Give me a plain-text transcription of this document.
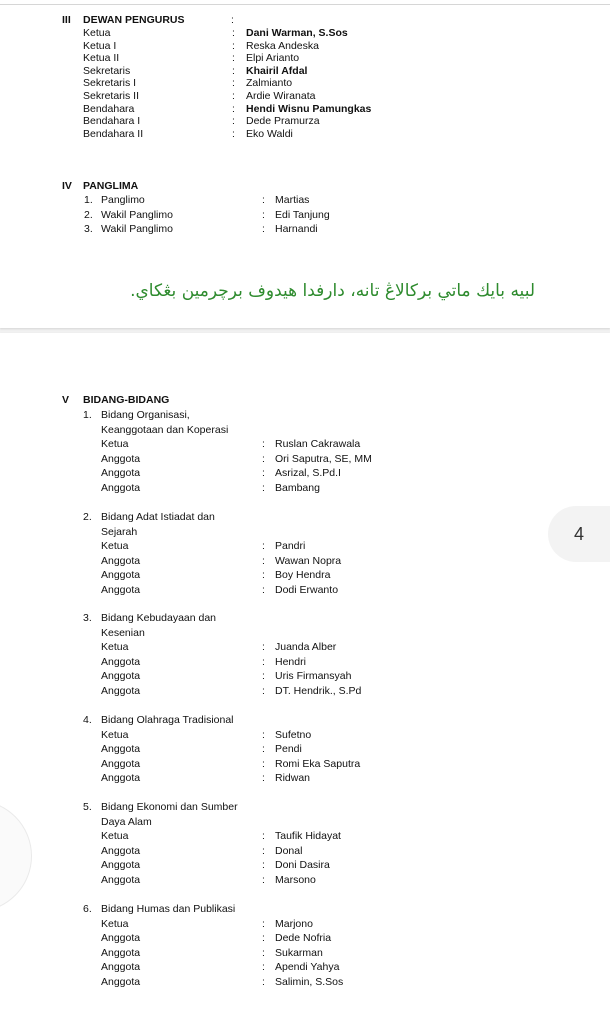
III DEWAN PENGURUS	:
Ketua	: Dani Warman, S.Sos
Ketua I	: Reska Andeska
Ketua II	: Elpi Arianto
Sekretaris	: Khairil Afdal
Sekretaris I	: Zalmianto
Sekretaris II	: Ardie Wiranata
Bendahara	: Hendi Wisnu Pamungkas
Bendahara I	: Dede Pramurza
Bendahara II	: Eko Waldi
IV PANGLIMA
1. Panglimo	: Martias
2. Wakil Panglimo	: Edi Tanjung
3. Wakil Panglimo	: Harnandi
لبيه بايك ماتي برکالاڠ تانه، دارفدا هيدوف برچرمين بڠکاي.
V BIDANG-BIDANG
1. Bidang Organisasi,
Keanggotaan dan Koperasi
Ketua	: Ruslan Cakrawala
Anggota	: Ori Saputra, SE, MM
Anggota	: Asrizal, S.Pd.I
Anggota	: Bambang
2. Bidang Adat Istiadat dan
Sejarah
Ketua	: Pandri
Anggota	: Wawan Nopra
Anggota	: Boy Hendra
Anggota	: Dodi Erwanto
3. Bidang Kebudayaan dan
Kesenian
Ketua	: Juanda Alber
Anggota	: Hendri
Anggota	: Uris Firmansyah
Anggota	: DT. Hendrik., S.Pd
4. Bidang Olahraga Tradisional
Ketua	: Sufetno
Anggota	: Pendi
Anggota	: Romi Eka Saputra
Anggota	: Ridwan
5. Bidang Ekonomi dan Sumber
Daya Alam
Ketua	: Taufik Hidayat
Anggota	: Donal
Anggota	: Doni Dasira
Anggota	: Marsono
6. Bidang Humas dan Publikasi
Ketua	: Marjono
Anggota	: Dede Nofria
Anggota	: Sukarman
Anggota	: Apendi Yahya
Anggota	: Salimin, S.Sos
4
